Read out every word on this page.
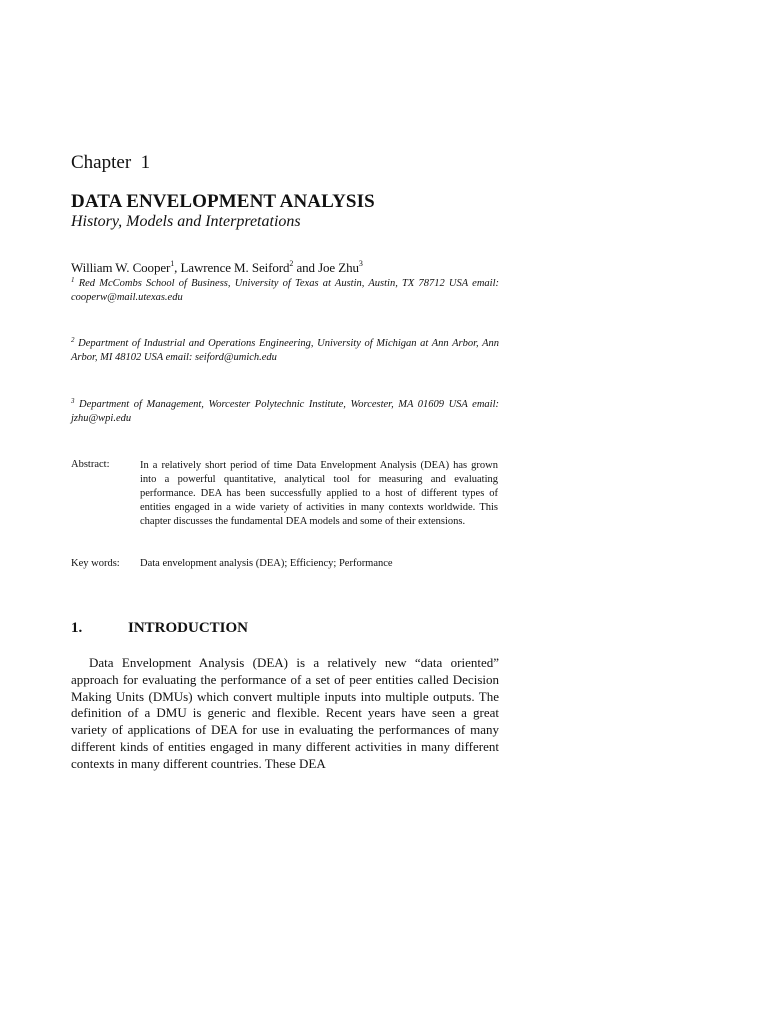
Chapter 1
DATA ENVELOPMENT ANALYSIS
History, Models and Interpretations
William W. Cooper$^1$, Lawrence M. Seiford$^2$ and Joe Zhu$^3$
$^1$ Red McCombs School of Business, University of Texas at Austin, Austin, TX 78712 USA email: cooperw@mail.utexas.edu
$^2$ Department of Industrial and Operations Engineering, University of Michigan at Ann Arbor, Ann Arbor, MI 48102 USA email: seiford@umich.edu
$^3$ Department of Management, Worcester Polytechnic Institute, Worcester, MA 01609 USA email: jzhu@wpi.edu
Abstract:	In a relatively short period of time Data Envelopment Analysis (DEA) has grown into a powerful quantitative, analytical tool for measuring and evaluating performance. DEA has been successfully applied to a host of different types of entities engaged in a wide variety of activities in many contexts worldwide. This chapter discusses the fundamental DEA models and some of their extensions.
Key words: Data envelopment analysis (DEA); Efficiency; Performance
1.	INTRODUCTION
Data Envelopment Analysis (DEA) is a relatively new “data oriented” approach for evaluating the performance of a set of peer entities called Decision Making Units (DMUs) which convert multiple inputs into multiple outputs. The definition of a DMU is generic and flexible. Recent years have seen a great variety of applications of DEA for use in evaluating the performances of many different kinds of entities engaged in many different activities in many different contexts in many different countries. These DEA
